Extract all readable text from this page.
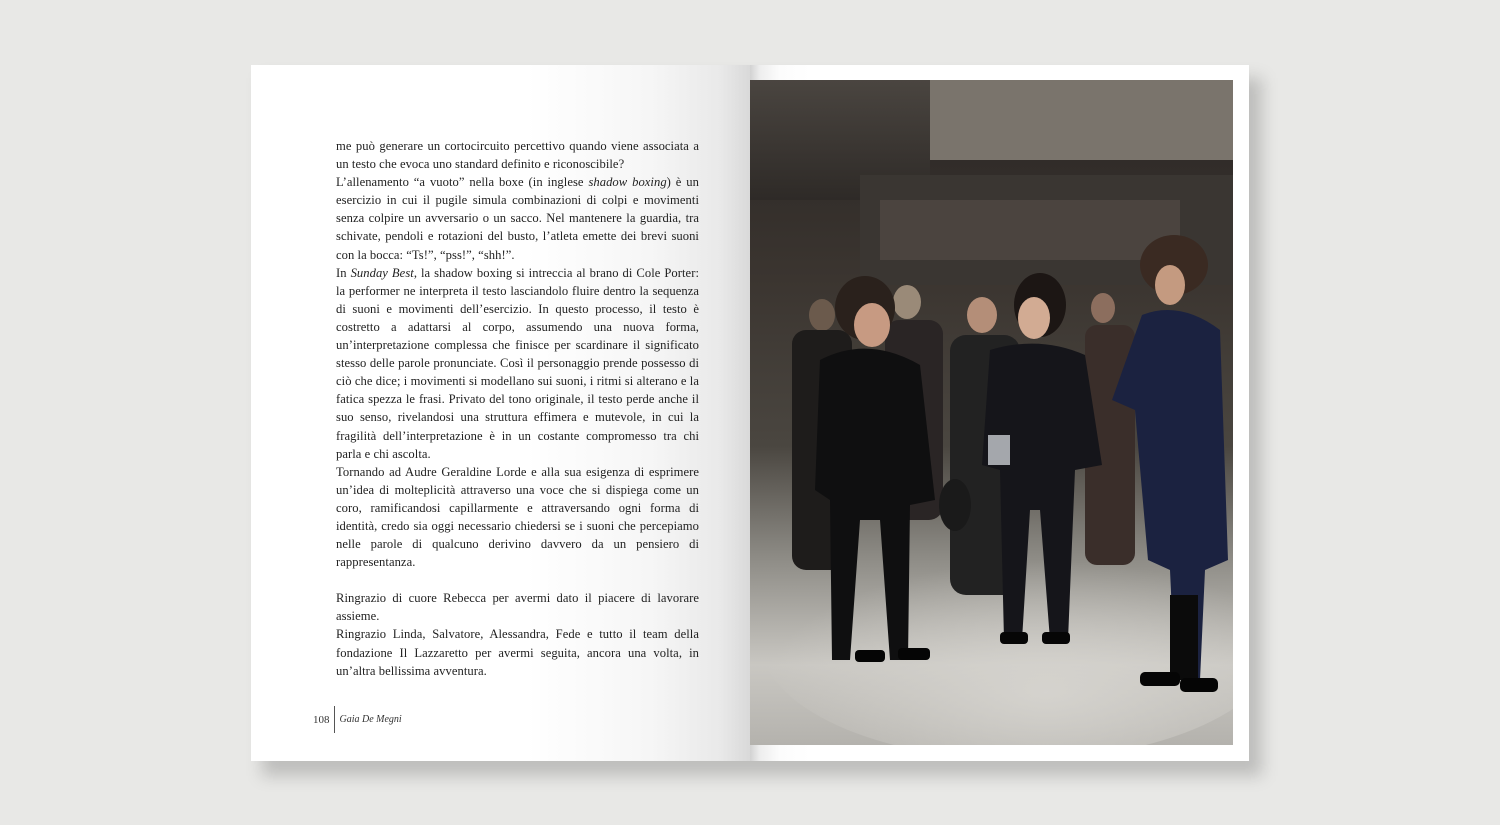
me può generare un cortocircuito percettivo quando viene associata a un testo che evoca uno standard definito e riconoscibile?

L’allenamento “a vuoto” nella boxe (in inglese shadow boxing) è un esercizio in cui il pugile simula combinazioni di colpi e movimenti senza colpire un avversario o un sacco. Nel mantenere la guardia, tra schivate, pendoli e rotazioni del busto, l’atleta emette dei brevi suoni con la bocca: “Ts!”, “pss!”, “shh!”.

In Sunday Best, la shadow boxing si intreccia al brano di Cole Porter: la performer ne interpreta il testo lasciandolo fluire dentro la sequenza di suoni e movimenti dell’esercizio. In questo processo, il testo è costretto a adattarsi al corpo, assumendo una nuova forma, un’interpretazione complessa che finisce per scardinare il significato stesso delle parole pronunciate. Così il personaggio prende possesso di ciò che dice; i movimenti si modellano sui suoni, i ritmi si alterano e la fatica spezza le frasi. Privato del tono originale, il testo perde anche il suo senso, rivelandosi una struttura effimera e mutevole, in cui la fragilità dell’interpretazione è in un costante compromesso tra chi parla e chi ascolta.

Tornando ad Audre Geraldine Lorde e alla sua esigenza di esprimere un’idea di molteplicità attraverso una voce che si dispiega come un coro, ramificandosi capillarmente e attraversando ogni forma di identità, credo sia oggi necessario chiedersi se i suoni che percepiamo nelle parole di qualcuno derivino davvero da un pensiero di rappresentanza.

Ringrazio di cuore Rebecca per avermi dato il piacere di lavorare assieme.

Ringrazio Linda, Salvatore, Alessandra, Fede e tutto il team della fondazione Il Lazzaretto per avermi seguita, ancora una volta, in un’altra bellissima avventura.

108	Gaia De Megni
